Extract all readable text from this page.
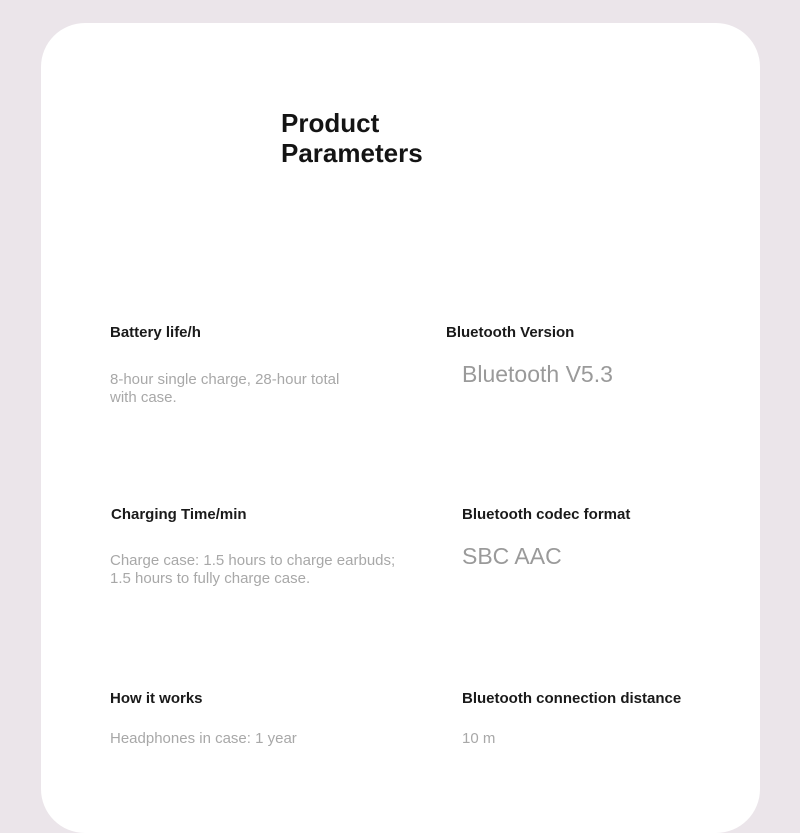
Product
Parameters

Battery life/h

8-hour single charge, 28-hour total with case.

Bluetooth Version

Bluetooth V5.3

Charging Time/min

Charge case: 1.5 hours to charge earbuds; 1.5 hours to fully charge case.

Bluetooth codec format

SBC AAC

How it works

Headphones in case: 1 year

Bluetooth connection distance

10 m
